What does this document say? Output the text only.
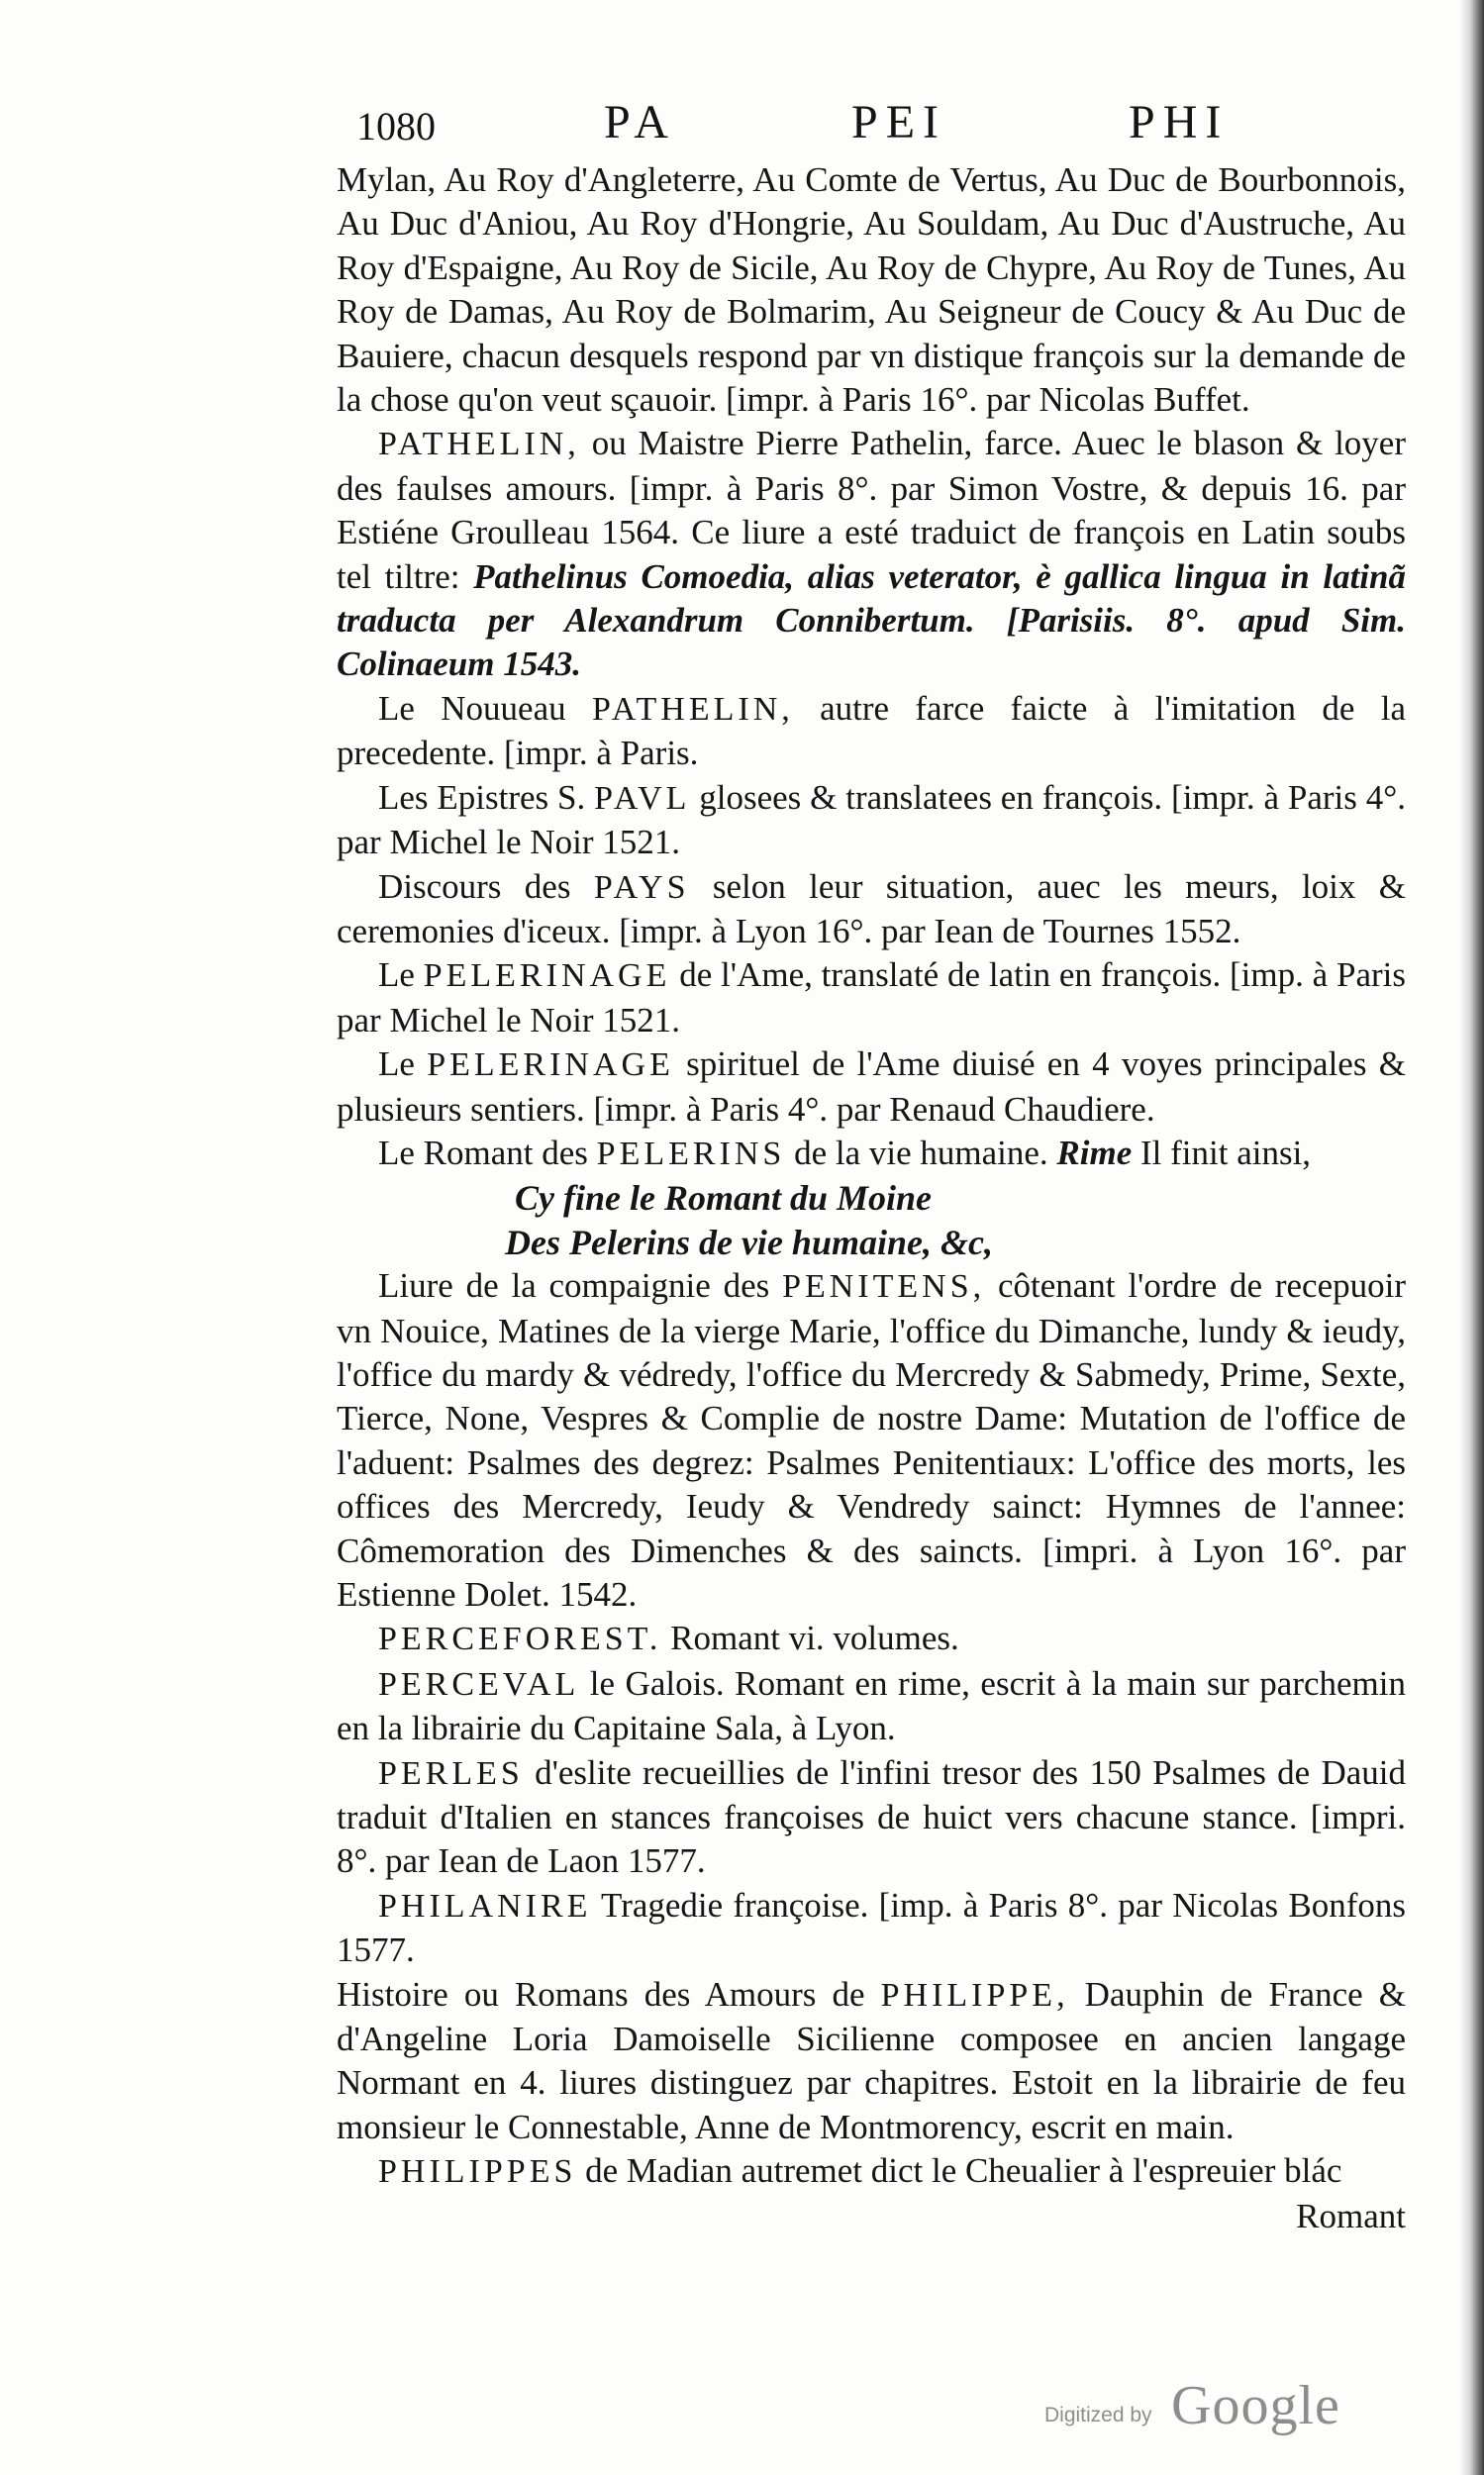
1080	PA	PEI	PHI

Mylan, Au Roy d'Angleterre, Au Comte de Vertus, Au Duc de Bourbonnois, Au Duc d'Aniou, Au Roy d'Hongrie, Au Souldam, Au Duc d'Austruche, Au Roy d'Espaigne, Au Roy de Sicile, Au Roy de Chypre, Au Roy de Tunes, Au Roy de Damas, Au Roy de Bolmarim, Au Seigneur de Coucy & Au Duc de Bauiere, chacun desquels respond par vn distique françois sur la demande de la chose qu'on veut sçauoir. [impr. à Paris 16°. par Nicolas Buffet.

PATHELIN, ou Maistre Pierre Pathelin, farce. Auec le blason & loyer des faulses amours. [impr. à Paris 8°. par Simon Vostre, & depuis 16. par Estiéne Groulleau 1564. Ce liure a esté traduict de françois en Latin soubs tel tiltre: Pathelinus Comoedia, alias veterator, è gallica lingua in latinã traducta per Alexandrum Connibertum. [Parisiis. 8°. apud Sim. Colinaeum 1543.

Le Nouueau PATHELIN, autre farce faicte à l'imitation de la precedente. [impr. à Paris.

Les Epistres S. PAVL glosees & translatees en françois. [impr. à Paris 4°. par Michel le Noir 1521.

Discours des PAYS selon leur situation, auec les meurs, loix & ceremonies d'iceux. [impr. à Lyon 16°. par Iean de Tournes 1552.

Le PELERINAGE de l'Ame, translaté de latin en françois. [imp. à Paris par Michel le Noir 1521.

Le PELERINAGE spirituel de l'Ame diuisé en 4 voyes principales & plusieurs sentiers. [impr. à Paris 4°. par Renaud Chaudiere.

Le Romant des PELERINS de la vie humaine. Rime Il finit ainsi,

Cy fine le Romant du Moine

Des Pelerins de vie humaine, &c,

Liure de la compaignie des PENITENS, côtenant l'ordre de recepuoir vn Nouice, Matines de la vierge Marie, l'office du Dimanche, lundy & ieudy, l'office du mardy & védredy, l'office du Mercredy & Sabmedy, Prime, Sexte, Tierce, None, Vespres & Complie de nostre Dame: Mutation de l'office de l'aduent: Psalmes des degrez: Psalmes Penitentiaux: L'office des morts, les offices des Mercredy, Ieudy & Vendredy sainct: Hymnes de l'annee: Cômemoration des Dimenches & des saincts. [impri. à Lyon 16°. par Estienne Dolet. 1542.

PERCEFOREST. Romant vi. volumes.

PERCEVAL le Galois. Romant en rime, escrit à la main sur parchemin en la librairie du Capitaine Sala, à Lyon.

PERLES d'eslite recueillies de l'infini tresor des 150 Psalmes de Dauid traduit d'Italien en stances françoises de huict vers chacune stance. [impri. 8°. par Iean de Laon 1577.

PHILANIRE Tragedie françoise. [imp. à Paris 8°. par Nicolas Bonfons 1577.

Histoire ou Romans des Amours de PHILIPPE, Dauphin de France & d'Angeline Loria Damoiselle Sicilienne composee en ancien langage Normant en 4. liures distinguez par chapitres. Estoit en la librairie de feu monsieur le Connestable, Anne de Montmorency, escrit en main.

PHILIPPES de Madian autremet dict le Cheualier à l'espreuier blác

Romant

Digitized by Google
